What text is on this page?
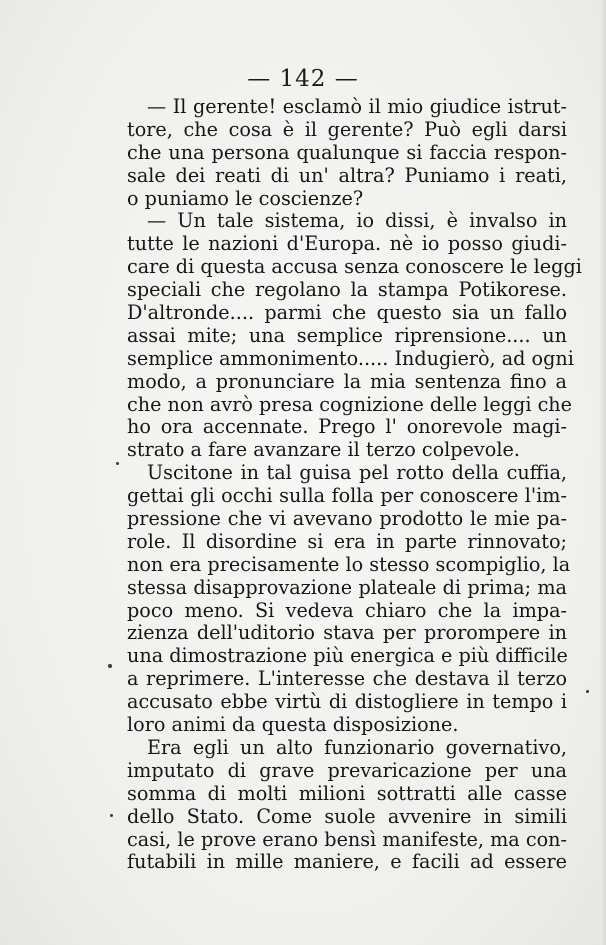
— 142 —
— Il gerente! esclamò il mio giudice istrut-
tore, che cosa è il gerente? Può egli darsi
che una persona qualunque si faccia respon-
sale dei reati di un' altra? Puniamo i reati,
o puniamo le coscienze?
— Un tale sistema, io dissi, è invalso in
tutte le nazioni d'Europa. nè io posso giudi-
care di questa accusa senza conoscere le leggi
speciali che regolano la stampa Potikorese.
D'altronde.... parmi che questo sia un fallo
assai mite; una semplice riprensione.... un
semplice ammonimento..... Indugierò, ad ogni
modo, a pronunciare la mia sentenza fino a
che non avrò presa cognizione delle leggi che
ho ora accennate. Prego l' onorevole magi-
strato a fare avanzare il terzo colpevole.
Uscitone in tal guisa pel rotto della cuffia,
gettai gli occhi sulla folla per conoscere l'im-
pressione che vi avevano prodotto le mie pa-
role. Il disordine si era in parte rinnovato;
non era precisamente lo stesso scompiglio, la
stessa disapprovazione plateale di prima; ma
poco meno. Si vedeva chiaro che la impa-
zienza dell'uditorio stava per prorompere in
una dimostrazione più energica e più difficile
a reprimere. L'interesse che destava il terzo
accusato ebbe virtù di distogliere in tempo i
loro animi da questa disposizione.
Era egli un alto funzionario governativo,
imputato di grave prevaricazione per una
somma di molti milioni sottratti alle casse
dello Stato. Come suole avvenire in simili
casi, le prove erano bensì manifeste, ma con-
futabili in mille maniere, e facili ad essere
